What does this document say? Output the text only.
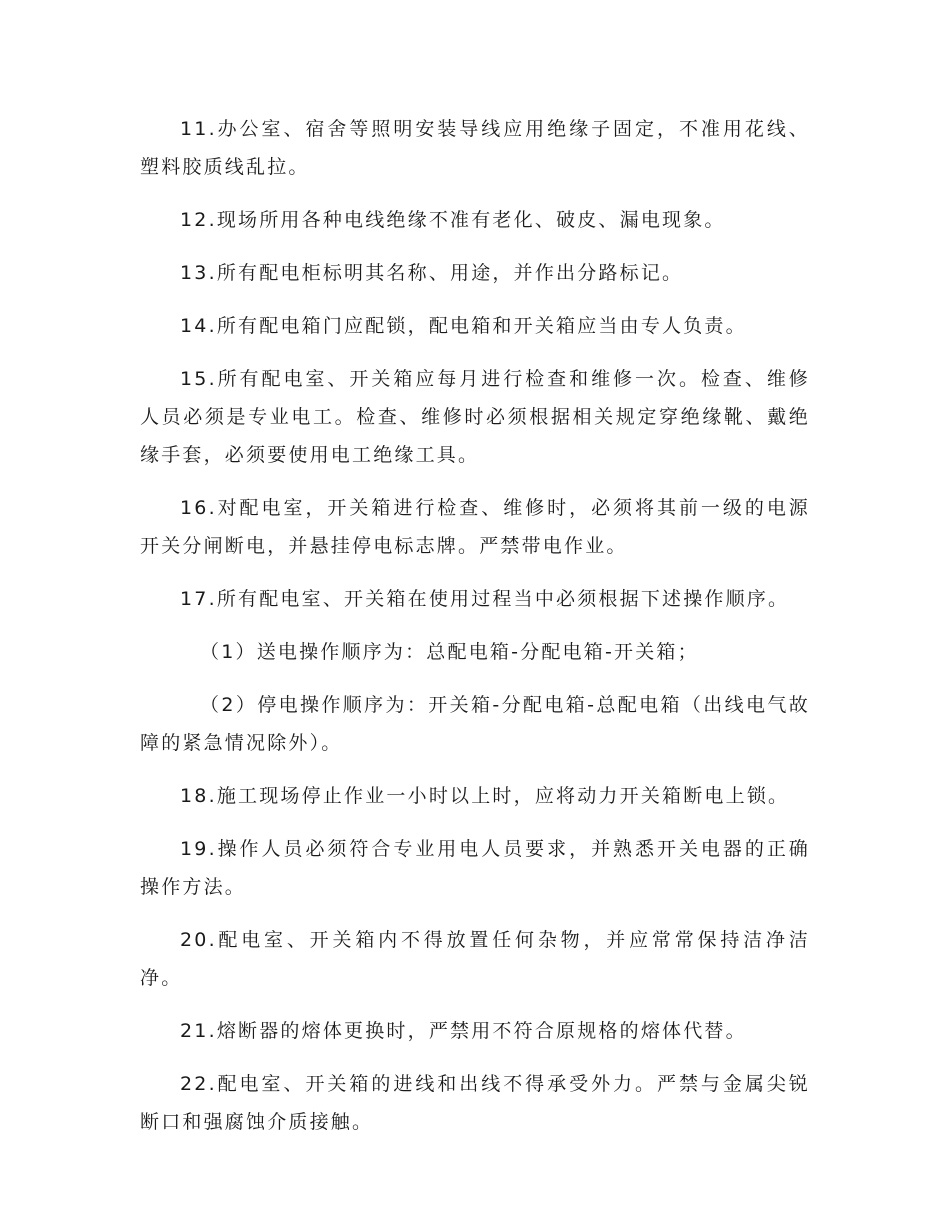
11.办公室、宿舍等照明安装导线应用绝缘子固定，不准用花线、塑料胶质线乱拉。

12.现场所用各种电线绝缘不准有老化、破皮、漏电现象。

13.所有配电柜标明其名称、用途，并作出分路标记。

14.所有配电箱门应配锁，配电箱和开关箱应当由专人负责。

15.所有配电室、开关箱应每月进行检查和维修一次。检查、维修人员必须是专业电工。检查、维修时必须根据相关规定穿绝缘靴、戴绝缘手套，必须要使用电工绝缘工具。

16.对配电室，开关箱进行检查、维修时，必须将其前一级的电源开关分闸断电，并悬挂停电标志牌。严禁带电作业。

17.所有配电室、开关箱在使用过程当中必须根据下述操作顺序。

（1）送电操作顺序为：总配电箱-分配电箱-开关箱；

（2）停电操作顺序为：开关箱-分配电箱-总配电箱（出线电气故障的紧急情况除外）。

18.施工现场停止作业一小时以上时，应将动力开关箱断电上锁。

19.操作人员必须符合专业用电人员要求，并熟悉开关电器的正确操作方法。

20.配电室、开关箱内不得放置任何杂物，并应常常保持洁净洁净。

21.熔断器的熔体更换时，严禁用不符合原规格的熔体代替。

22.配电室、开关箱的进线和出线不得承受外力。严禁与金属尖锐断口和强腐蚀介质接触。
